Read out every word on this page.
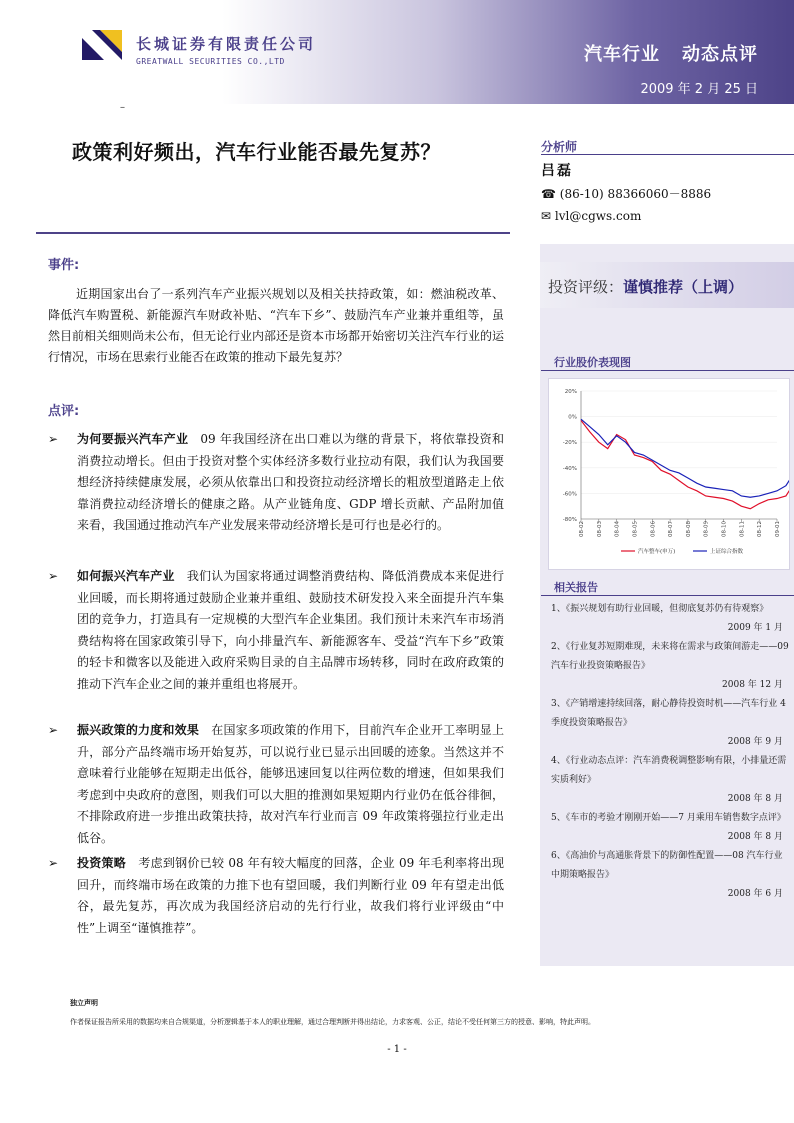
长城证券有限责任公司
GREATWALL SECURITIES CO.,LTD	汽车行业 动态点评
2009 年 2 月 25 日
–
政策利好频出，汽车行业能否最先复苏？	分析师
吕磊
☎ (86-10) 88366060－8886
✉ lvl@cgws.com
投资评级：谨慎推荐（上调）
行业股价表现图
20%
0%
-20%
-40%
-60%
-80%
08-02 08-03 08-04 08-05 08-06 08-07 08-08 08-09 08-10 08-11 08-12 09-01
汽车整车(申万)	上证综合指数
相关报告

1、《振兴规划有助行业回暖，但彻底复苏仍有待观察》

2009 年 1 月

2、《行业复苏短期难现，未来将在需求与政策间游走——09 汽车行业投资策略报告》

2008 年 12 月

3、《产销增速持续回落，耐心静待投资时机——汽车行业 4 季度投资策略报告》

2008 年 9 月

4、《行业动态点评：汽车消费税调整影响有限，小排量还需实质利好》

2008 年 8 月

5、《车市的考验才刚刚开始——7 月乘用车销售数字点评》

2008 年 8 月

6、《高油价与高通胀背景下的防御性配置——08 汽车行业中期策略报告》

2008 年 6 月

事件:
近期国家出台了一系列汽车产业振兴规划以及相关扶持政策，如：燃油税改革、降低汽车购置税、新能源汽车财政补贴、“汽车下乡”、鼓励汽车产业兼并重组等，虽然目前相关细则尚未公布，但无论行业内部还是资本市场都开始密切关注汽车行业的运行情况，市场在思索行业能否在政策的推动下最先复苏？
点评:
➢ 为何要振兴汽车产业  09 年我国经济在出口难以为继的背景下，将依靠投资和消费拉动增长。但由于投资对整个实体经济多数行业拉动有限，我们认为我国要想经济持续健康发展，必须从依靠出口和投资拉动经济增长的粗放型道路走上依靠消费拉动经济增长的健康之路。从产业链角度、GDP 增长贡献、产品附加值来看，我国通过推动汽车产业发展来带动经济增长是可行也是必行的。
➢ 如何振兴汽车产业  我们认为国家将通过调整消费结构、降低消费成本来促进行业回暖，而长期将通过鼓励企业兼并重组、鼓励技术研发投入来全面提升汽车集团的竞争力，打造具有一定规模的大型汽车企业集团。我们预计未来汽车市场消费结构将在国家政策引导下，向小排量汽车、新能源客车、受益“汽车下乡”政策的轻卡和微客以及能进入政府采购目录的自主品牌市场转移，同时在政府政策的推动下汽车企业之间的兼并重组也将展开。
➢ 振兴政策的力度和效果  在国家多项政策的作用下，目前汽车企业开工率明显上升，部分产品终端市场开始复苏，可以说行业已显示出回暖的迹象。当然这并不意味着行业能够在短期走出低谷，能够迅速回复以往两位数的增速，但如果我们考虑到中央政府的意图，则我们可以大胆的推测如果短期内行业仍在低谷徘徊，不排除政府进一步推出政策扶持，故对汽车行业而言 09 年政策将强拉行业走出低谷。
➢ 投资策略  考虑到钢价已较 08 年有较大幅度的回落，企业 09 年毛利率将出现回升，而终端市场在政策的力推下也有望回暖，我们判断行业 09 年有望走出低谷，最先复苏，再次成为我国经济启动的先行行业，故我们将行业评级由“中性”上调至“谨慎推荐”。
独立声明
作者保证报告所采用的数据均来自合规渠道，分析逻辑基于本人的职业理解，通过合理判断并得出结论，力求客观、公正，结论不受任何第三方的授意、影响，特此声明。
- 1 -
